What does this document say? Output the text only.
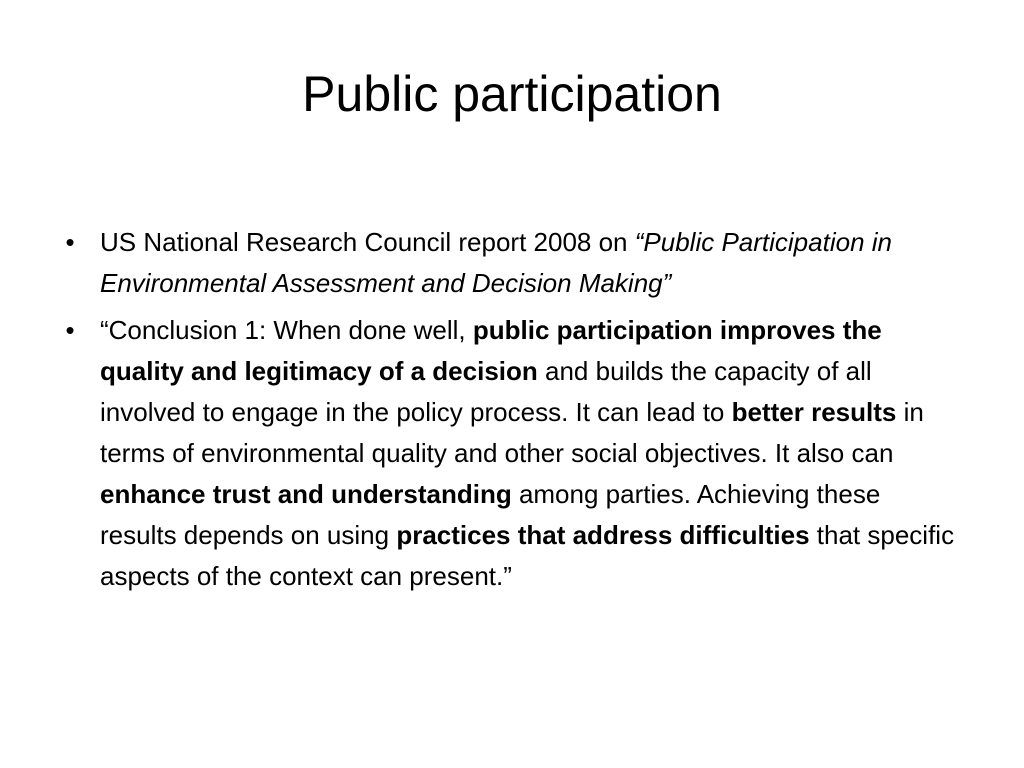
Public participation
• US National Research Council report 2008 on “Public Participation in Environmental Assessment and Decision Making”
• “Conclusion 1: When done well, public participation improves the quality and legitimacy of a decision and builds the capacity of all involved to engage in the policy process. It can lead to better results in terms of environmental quality and other social objectives. It also can enhance trust and understanding among parties. Achieving these results depends on using practices that address difficulties that specific aspects of the context can present.”
